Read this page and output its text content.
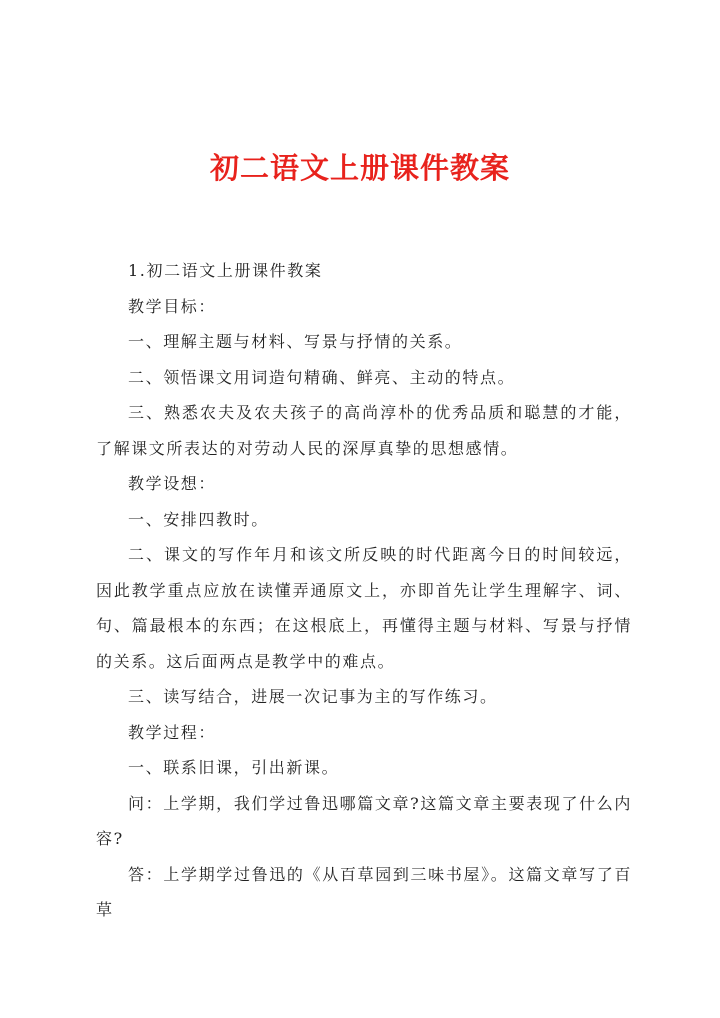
初二语文上册课件教案

1.初二语文上册课件教案

教学目标：

一、理解主题与材料、写景与抒情的关系。

二、领悟课文用词造句精确、鲜亮、主动的特点。

三、熟悉农夫及农夫孩子的高尚淳朴的优秀品质和聪慧的才能，了解课文所表达的对劳动人民的深厚真挚的思想感情。

教学设想：

一、安排四教时。

二、课文的写作年月和该文所反映的时代距离今日的时间较远，因此教学重点应放在读懂弄通原文上，亦即首先让学生理解字、词、句、篇最根本的东西；在这根底上，再懂得主题与材料、写景与抒情的关系。这后面两点是教学中的难点。

三、读写结合，进展一次记事为主的写作练习。

教学过程：

一、联系旧课，引出新课。

问：上学期，我们学过鲁迅哪篇文章?这篇文章主要表现了什么内容?

答：上学期学过鲁迅的《从百草园到三味书屋》。这篇文章写了百草
